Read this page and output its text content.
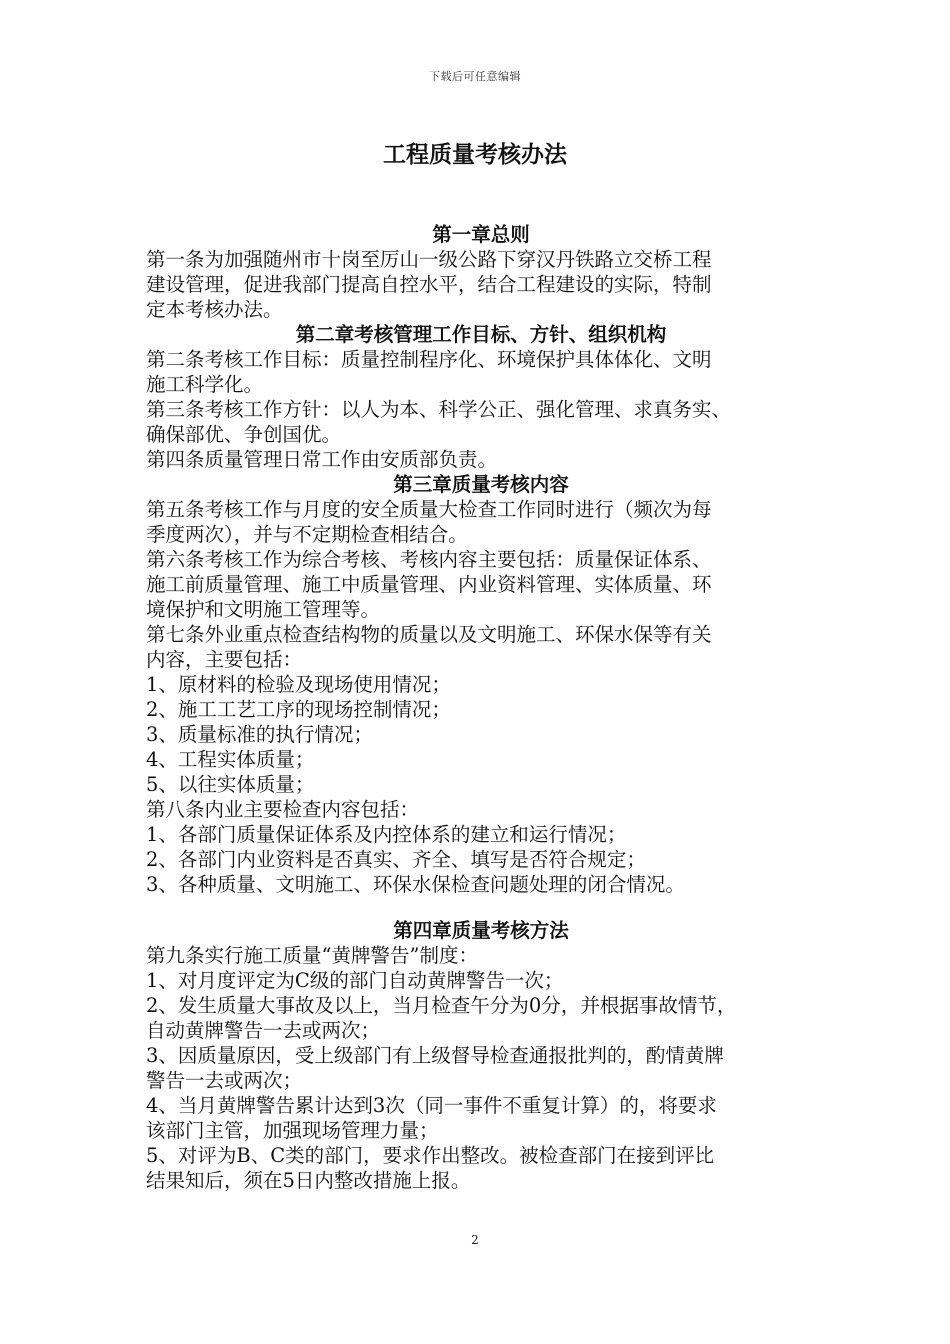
下载后可任意编辑
工程质量考核办法
第一章总则
第一条为加强随州市十岗至厉山一级公路下穿汉丹铁路立交桥工程
建设管理，促进我部门提高自控水平，结合工程建设的实际，特制
定本考核办法。
第二章考核管理工作目标、方针、组织机构
第二条考核工作目标：质量控制程序化、环境保护具体体化、文明
施工科学化。
第三条考核工作方针：以人为本、科学公正、强化管理、求真务实、
确保部优、争创国优。
第四条质量管理日常工作由安质部负责。
第三章质量考核内容
第五条考核工作与月度的安全质量大检查工作同时进行（频次为每
季度两次），并与不定期检查相结合。
第六条考核工作为综合考核、考核内容主要包括：质量保证体系、
施工前质量管理、施工中质量管理、内业资料管理、实体质量、环
境保护和文明施工管理等。
第七条外业重点检查结构物的质量以及文明施工、环保水保等有关
内容，主要包括：
1、原材料的检验及现场使用情况；
2、施工工艺工序的现场控制情况；
3、质量标准的执行情况；
4、工程实体质量；
5、以往实体质量；
第八条内业主要检查内容包括：
1、各部门质量保证体系及内控体系的建立和运行情况；
2、各部门内业资料是否真实、齐全、填写是否符合规定；
3、各种质量、文明施工、环保水保检查问题处理的闭合情况。
第四章质量考核方法
第九条实行施工质量“黄牌警告”制度：
1、对月度评定为C级的部门自动黄牌警告一次；
2、发生质量大事故及以上，当月检查午分为0分，并根据事故情节，
自动黄牌警告一去或两次；
3、因质量原因，受上级部门有上级督导检查通报批判的，酌情黄牌
警告一去或两次；
4、当月黄牌警告累计达到3次（同一事件不重复计算）的，将要求
该部门主管，加强现场管理力量；
5、对评为B、C类的部门，要求作出整改。被检查部门在接到评比
结果知后，须在5日内整改措施上报。
2
